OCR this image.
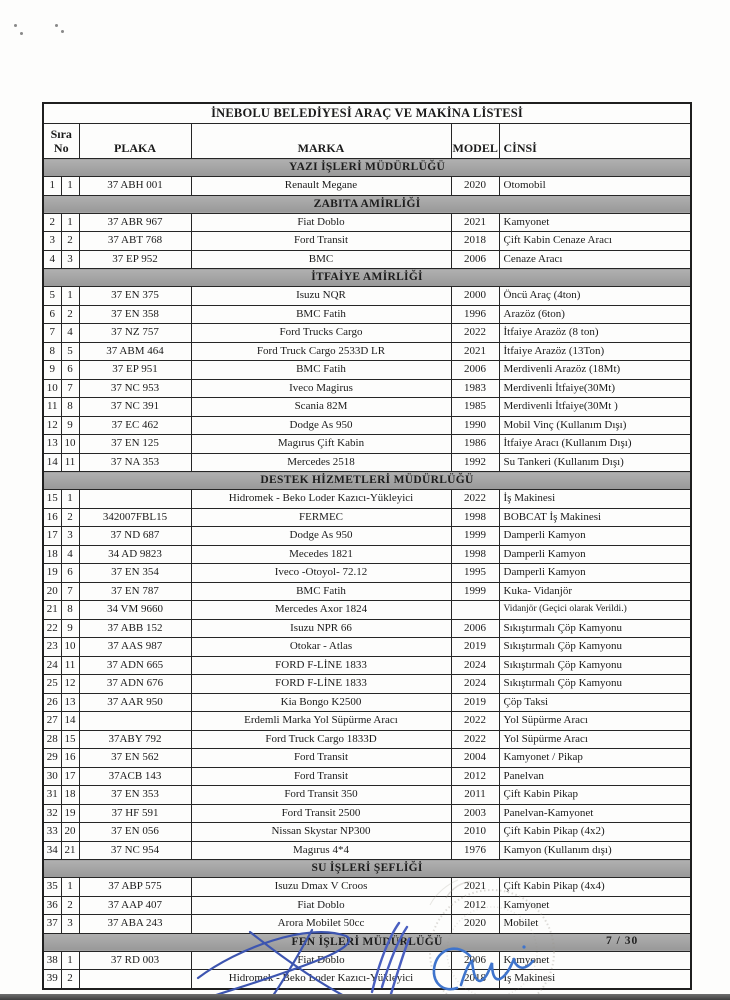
İNEBOLU BELEDİYESİ ARAÇ VE MAKİNA LİSTESİ					
Sıra
No		PLAKA	MARKA	MODEL	CİNSİ
YAZI İŞLERİ MÜDÜRLÜĞÜ					
1	1	37 ABH 001	Renault Megane	2020	Otomobil
ZABITA AMİRLİĞİ					
2	1	37 ABR 967	Fiat Doblo	2021	Kamyonet
3	2	37 ABT 768	Ford Transit	2018	Çift Kabin Cenaze Aracı
4	3	37 EP 952	BMC	2006	Cenaze Aracı
İTFAİYE AMİRLİĞİ					
5	1	37 EN 375	Isuzu NQR	2000	Öncü Araç (4ton)
6	2	37 EN 358	BMC Fatih	1996	Arazöz (6ton)
7	4	37 NZ 757	Ford Trucks Cargo	2022	İtfaiye Arazöz (8 ton)
8	5	37 ABM 464	Ford Truck Cargo 2533D LR	2021	İtfaiye Arazöz (13Ton)
9	6	37 EP 951	BMC Fatih	2006	Merdivenli Arazöz (18Mt)
10	7	37 NC 953	Iveco Magirus	1983	Merdivenli İtfaiye(30Mt)
11	8	37 NC 391	Scania 82M	1985	Merdivenli İtfaiye(30Mt )
12	9	37 EC 462	Dodge As 950	1990	Mobil Vinç (Kullanım Dışı)
13	10	37 EN 125	Magırus Çift Kabin	1986	İtfaiye Aracı (Kullanım Dışı)
14	11	37 NA 353	Mercedes 2518	1992	Su Tankeri (Kullanım Dışı)
DESTEK HİZMETLERİ MÜDÜRLÜĞÜ					
15	1		Hidromek - Beko Loder Kazıcı-Yükleyici	2022	İş Makinesi
16	2	342007FBL15	FERMEC	1998	BOBCAT İş Makinesi
17	3	37 ND 687	Dodge As 950	1999	Damperli Kamyon
18	4	34 AD 9823	Mecedes 1821	1998	Damperli Kamyon
19	6	37 EN 354	Iveco -Otoyol- 72.12	1995	Damperli Kamyon
20	7	37 EN 787	BMC Fatih	1999	Kuka- Vidanjör
21	8	34 VM 9660	Mercedes Axor 1824		Vidanjör (Geçici olarak Verildi.)
22	9	37 ABB 152	Isuzu NPR 66	2006	Sıkıştırmalı Çöp Kamyonu
23	10	37 AAS 987	Otokar - Atlas	2019	Sıkıştırmalı Çöp Kamyonu
24	11	37 ADN 665	FORD F-LİNE 1833	2024	Sıkıştırmalı Çöp Kamyonu
25	12	37 ADN 676	FORD F-LİNE 1833	2024	Sıkıştırmalı Çöp Kamyonu
26	13	37 AAR 950	Kia Bongo K2500	2019	Çöp Taksi
27	14		Erdemli Marka Yol Süpürme Aracı	2022	Yol Süpürme Aracı
28	15	37ABY 792	Ford Truck Cargo 1833D	2022	Yol Süpürme Aracı
29	16	37 EN 562	Ford Transit	2004	Kamyonet / Pikap
30	17	37ACB 143	Ford Transit	2012	Panelvan
31	18	37 EN 353	Ford Transit 350	2011	Çift Kabin Pikap
32	19	37 HF 591	Ford Transit 2500	2003	Panelvan-Kamyonet
33	20	37 EN 056	Nissan Skystar NP300	2010	Çift Kabin Pikap (4x2)
34	21	37 NC 954	Magırus 4*4	1976	Kamyon (Kullanım dışı)
SU İŞLERİ ŞEFLİĞİ					
35	1	37 ABP 575	Isuzu Dmax V Croos	2021	Çift Kabin Pikap (4x4)
36	2	37 AAP 407	Fiat Doblo	2012	Kamyonet
37	3	37 ABA 243	Arora Mobilet 50cc	2020	Mobilet
FEN İŞLERİ MÜDÜRLÜĞÜ					
38	1	37 RD 003	Fiat Doblo	2006	Kamyonet
39	2		Hidromek - Beko Loder Kazıcı-Yükleyici	2018	İş Makinesi
7 / 30
